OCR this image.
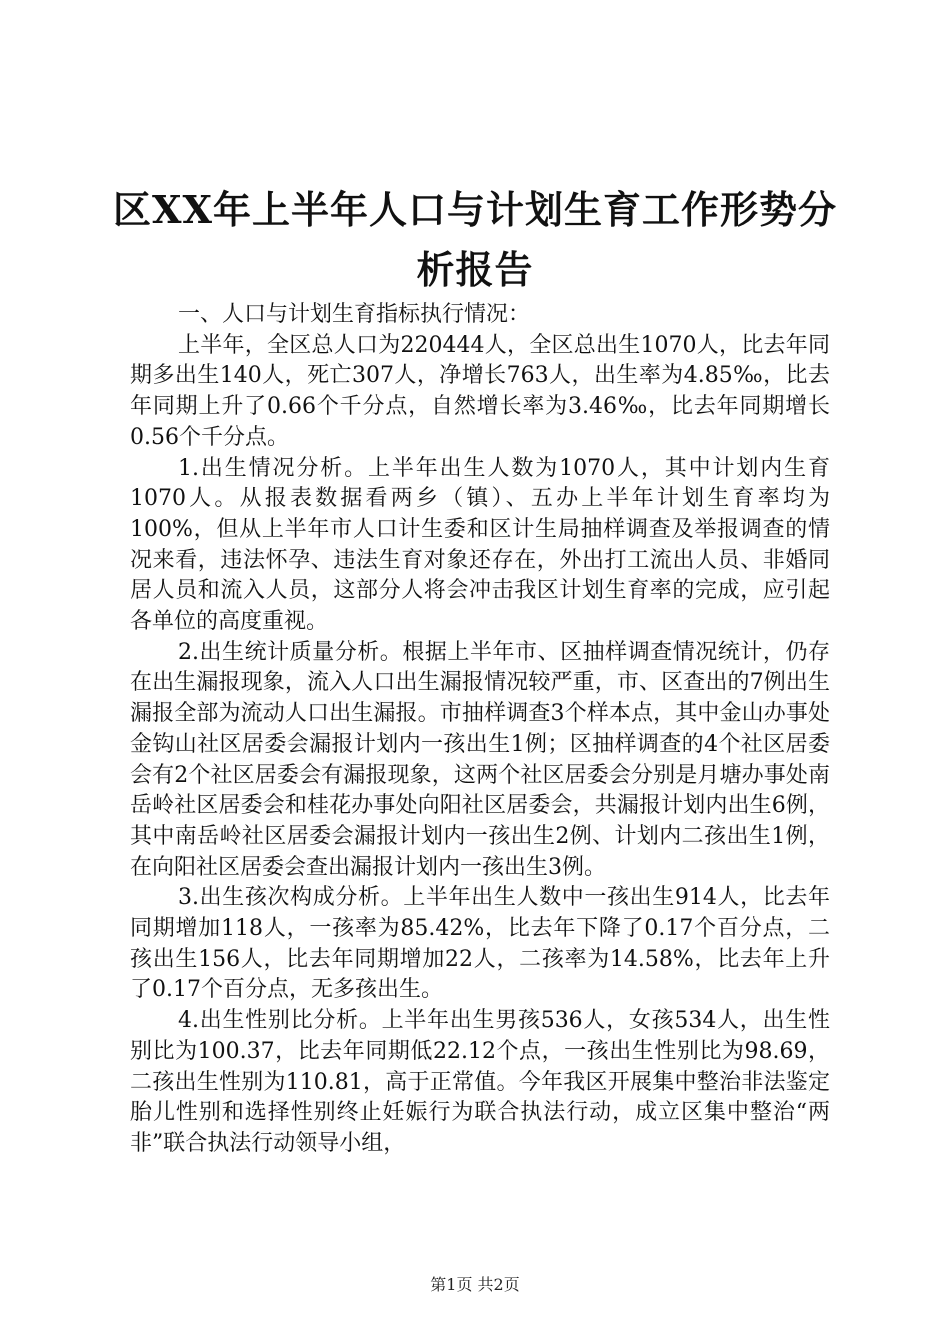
区XX年上半年人口与计划生育工作形势分析报告

一、人口与计划生育指标执行情况：

上半年，全区总人口为220444人，全区总出生1070人，比去年同期多出生140人，死亡307人，净增长763人，出生率为4.85‰，比去年同期上升了0.66个千分点，自然增长率为3.46‰，比去年同期增长0.56个千分点。

1.出生情况分析。上半年出生人数为1070人，其中计划内生育1070人。从报表数据看两乡（镇）、五办上半年计划生育率均为100%，但从上半年市人口计生委和区计生局抽样调查及举报调查的情况来看，违法怀孕、违法生育对象还存在，外出打工流出人员、非婚同居人员和流入人员，这部分人将会冲击我区计划生育率的完成，应引起各单位的高度重视。

2.出生统计质量分析。根据上半年市、区抽样调查情况统计，仍存在出生漏报现象，流入人口出生漏报情况较严重，市、区查出的7例出生漏报全部为流动人口出生漏报。市抽样调查3个样本点，其中金山办事处金钩山社区居委会漏报计划内一孩出生1例；区抽样调查的4个社区居委会有2个社区居委会有漏报现象，这两个社区居委会分别是月塘办事处南岳岭社区居委会和桂花办事处向阳社区居委会，共漏报计划内出生6例，其中南岳岭社区居委会漏报计划内一孩出生2例、计划内二孩出生1例，在向阳社区居委会查出漏报计划内一孩出生3例。

3.出生孩次构成分析。上半年出生人数中一孩出生914人，比去年同期增加118人，一孩率为85.42%，比去年下降了0.17个百分点，二孩出生156人，比去年同期增加22人，二孩率为14.58%，比去年上升了0.17个百分点，无多孩出生。

4.出生性别比分析。上半年出生男孩536人，女孩534人，出生性别比为100.37，比去年同期低22.12个点，一孩出生性别比为98.69，二孩出生性别为110.81，高于正常值。今年我区开展集中整治非法鉴定胎儿性别和选择性别终止妊娠行为联合执法行动，成立区集中整治“两非”联合执法行动领导小组，

第1页 共2页
